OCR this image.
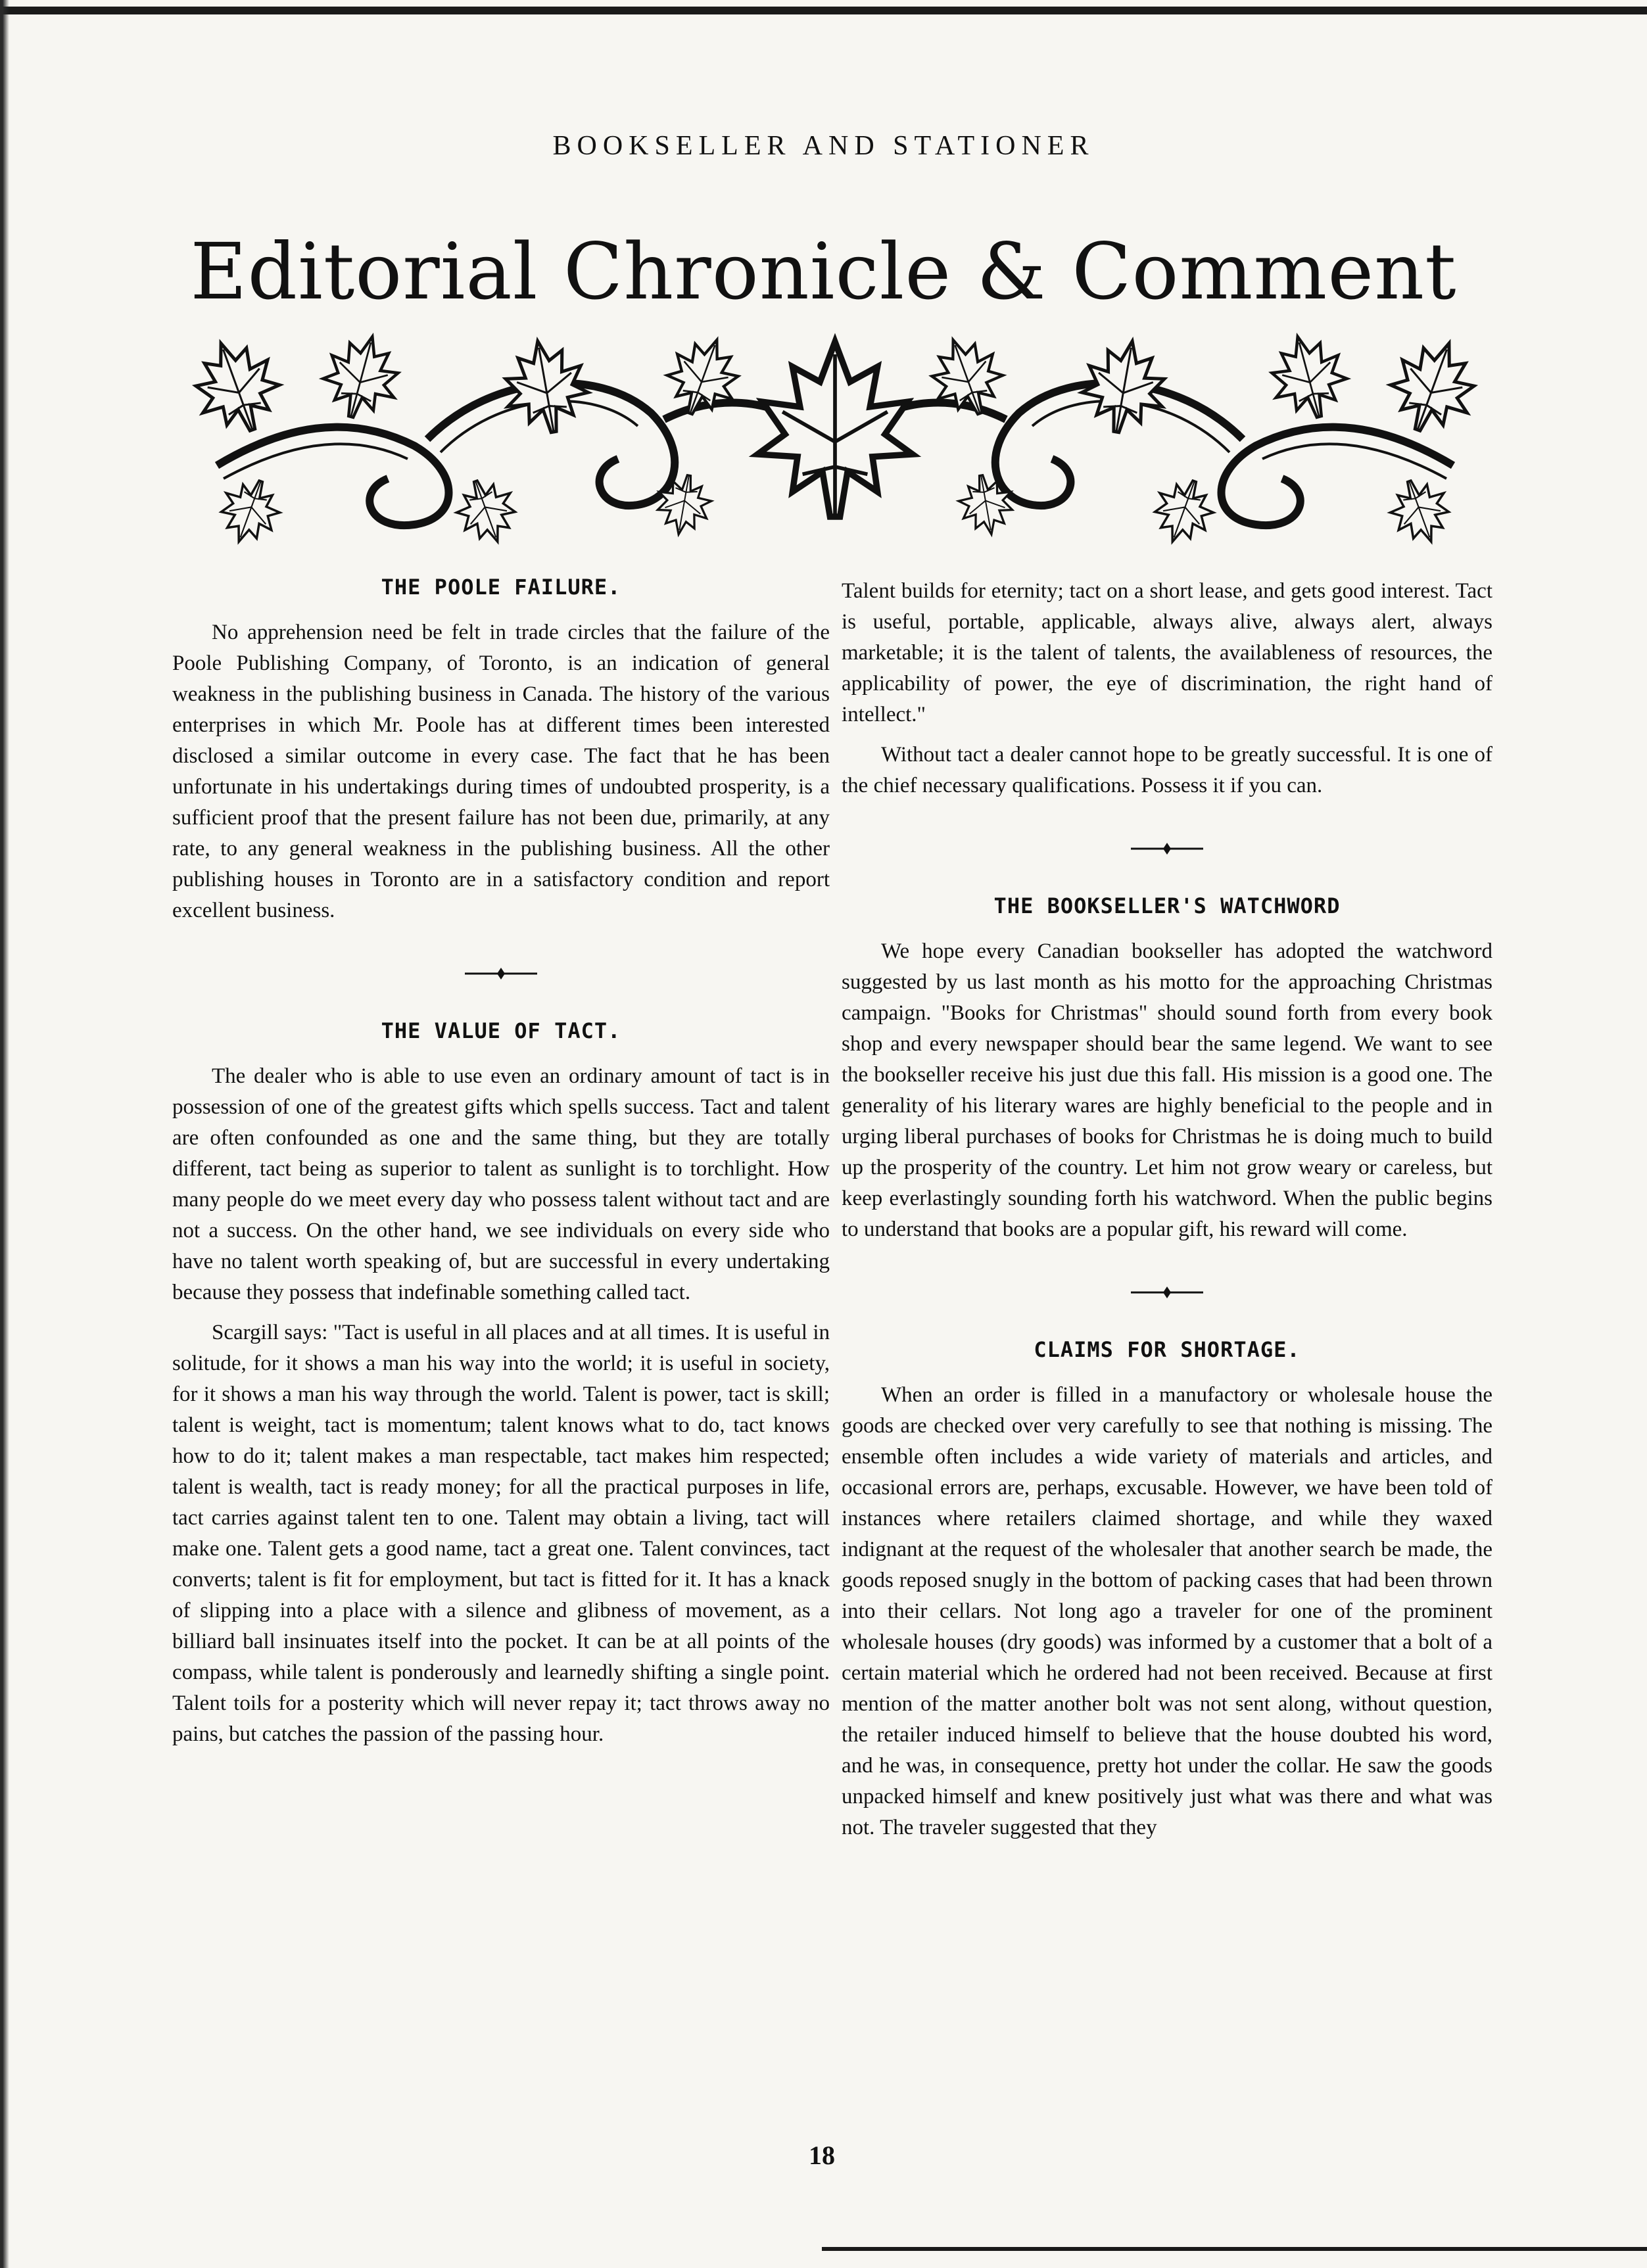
BOOKSELLER AND STATIONER
Editorial Chronicle & Comment
THE POOLE FAILURE.

No apprehension need be felt in trade circles that the failure of the Poole Publishing Company, of Toronto, is an indication of general weakness in the publishing business in Canada. The history of the various enterprises in which Mr. Poole has at different times been interested disclosed a similar outcome in every case. The fact that he has been unfortunate in his undertakings during times of undoubted prosperity, is a sufficient proof that the present failure has not been due, primarily, at any rate, to any general weakness in the publishing business. All the other publishing houses in Toronto are in a satisfactory condition and report excellent business.

THE VALUE OF TACT.

The dealer who is able to use even an ordinary amount of tact is in possession of one of the greatest gifts which spells success. Tact and talent are often confounded as one and the same thing, but they are totally different, tact being as superior to talent as sunlight is to torchlight. How many people do we meet every day who possess talent without tact and are not a success. On the other hand, we see individuals on every side who have no talent worth speaking of, but are successful in every undertaking because they possess that indefinable something called tact.

Scargill says: "Tact is useful in all places and at all times. It is useful in solitude, for it shows a man his way into the world; it is useful in society, for it shows a man his way through the world. Talent is power, tact is skill; talent is weight, tact is momentum; talent knows what to do, tact knows how to do it; talent makes a man respectable, tact makes him respected; talent is wealth, tact is ready money; for all the practical purposes in life, tact carries against talent ten to one. Talent may obtain a living, tact will make one. Talent gets a good name, tact a great one. Talent convinces, tact converts; talent is fit for employment, but tact is fitted for it. It has a knack of slipping into a place with a silence and glibness of movement, as a billiard ball insinuates itself into the pocket. It can be at all points of the compass, while talent is ponderously and learnedly shifting a single point. Talent toils for a posterity which will never repay it; tact throws away no pains, but catches the passion of the passing hour.

Talent builds for eternity; tact on a short lease, and gets good interest. Tact is useful, portable, applicable, always alive, always alert, always marketable; it is the talent of talents, the availableness of resources, the applicability of power, the eye of discrimination, the right hand of intellect."

Without tact a dealer cannot hope to be greatly successful. It is one of the chief necessary qualifications. Possess it if you can.

THE BOOKSELLER'S WATCHWORD

We hope every Canadian bookseller has adopted the watchword suggested by us last month as his motto for the approaching Christmas campaign. "Books for Christmas" should sound forth from every book shop and every newspaper should bear the same legend. We want to see the bookseller receive his just due this fall. His mission is a good one. The generality of his literary wares are highly beneficial to the people and in urging liberal purchases of books for Christmas he is doing much to build up the prosperity of the country. Let him not grow weary or careless, but keep everlastingly sounding forth his watchword. When the public begins to understand that books are a popular gift, his reward will come.

CLAIMS FOR SHORTAGE.

When an order is filled in a manufactory or wholesale house the goods are checked over very carefully to see that nothing is missing. The ensemble often includes a wide variety of materials and articles, and occasional errors are, perhaps, excusable. However, we have been told of instances where retailers claimed shortage, and while they waxed indignant at the request of the wholesaler that another search be made, the goods reposed snugly in the bottom of packing cases that had been thrown into their cellars. Not long ago a traveler for one of the prominent wholesale houses (dry goods) was informed by a customer that a bolt of a certain material which he ordered had not been received. Because at first mention of the matter another bolt was not sent along, without question, the retailer induced himself to believe that the house doubted his word, and he was, in consequence, pretty hot under the collar. He saw the goods unpacked himself and knew positively just what was there and what was not. The traveler suggested that they

18
